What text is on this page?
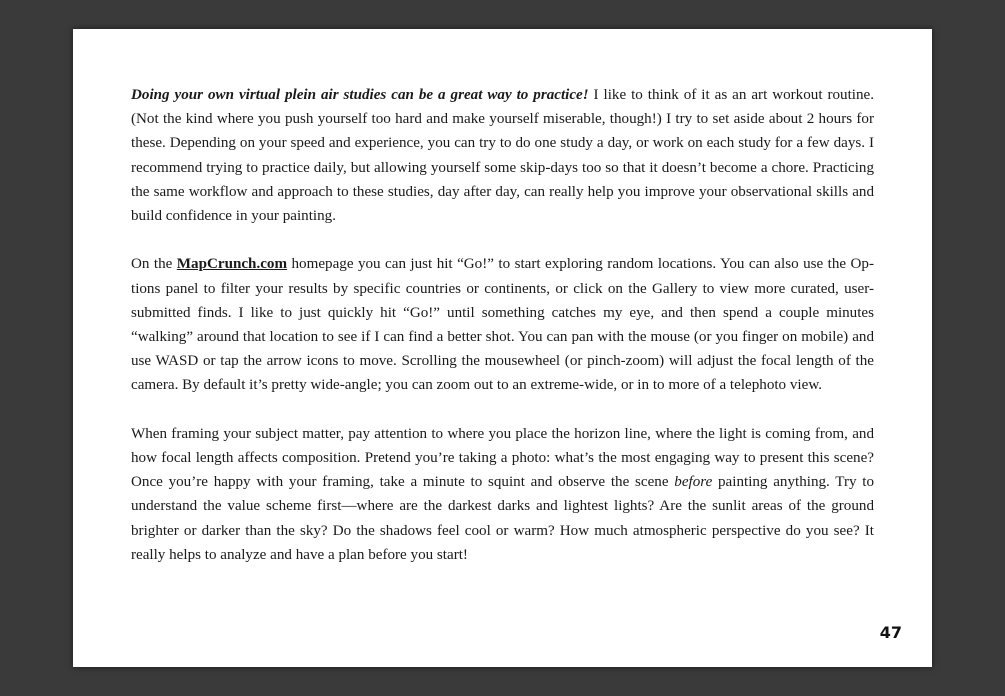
Doing your own virtual plein air studies can be a great way to practice! I like to think of it as an art workout routine. (Not the kind where you push yourself too hard and make yourself miserable, though!) I try to set aside about 2 hours for these. Depending on your speed and experience, you can try to do one study a day, or work on each study for a few days. I recommend trying to practice daily, but allowing yourself some skip-days too so that it doesn’t become a chore. Practicing the same workflow and approach to these studies, day after day, can really help you improve your observational skills and build confidence in your painting.

On the MapCrunch.com homepage you can just hit “Go!” to start exploring random locations. You can also use the Options panel to filter your results by specific countries or continents, or click on the Gallery to view more curated, user-submitted finds. I like to just quickly hit “Go!” until something catches my eye, and then spend a couple minutes “walking” around that location to see if I can find a better shot. You can pan with the mouse (or you finger on mobile) and use WASD or tap the arrow icons to move. Scrolling the mousewheel (or pinch-zoom) will adjust the focal length of the camera. By default it’s pretty wide-angle; you can zoom out to an extreme-wide, or in to more of a telephoto view.

When framing your subject matter, pay attention to where you place the horizon line, where the light is coming from, and how focal length affects composition. Pretend you’re taking a photo: what’s the most engaging way to present this scene? Once you’re happy with your framing, take a minute to squint and observe the scene before painting anything. Try to understand the value scheme first—where are the darkest darks and lightest lights? Are the sunlit areas of the ground brighter or darker than the sky? Do the shadows feel cool or warm? How much atmospheric perspective do you see? It really helps to analyze and have a plan before you start!

47
